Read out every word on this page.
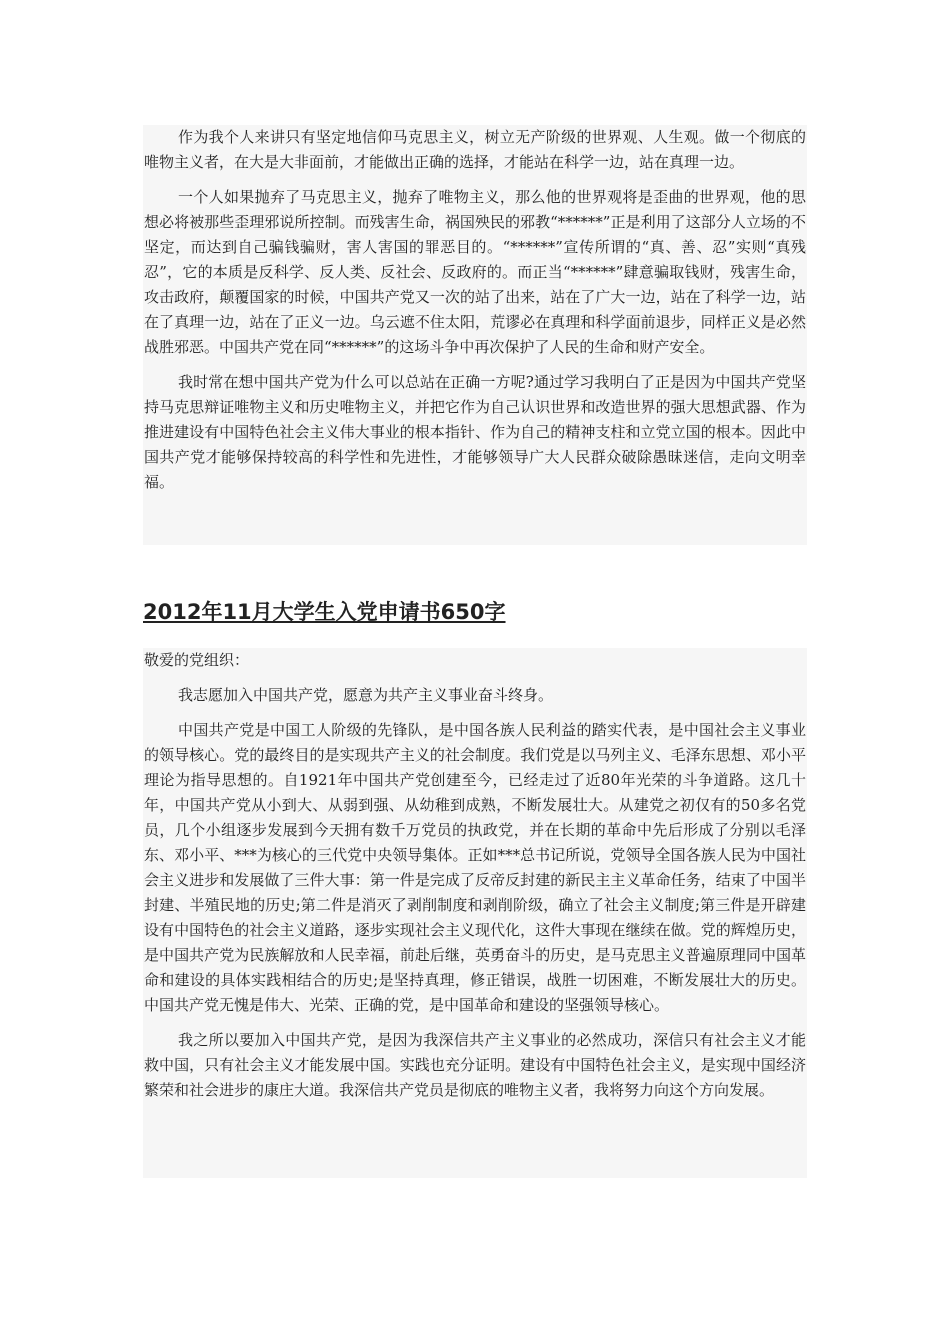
作为我个人来讲只有坚定地信仰马克思主义，树立无产阶级的世界观、人生观。做一个彻底的唯物主义者，在大是大非面前，才能做出正确的选择，才能站在科学一边，站在真理一边。

一个人如果抛弃了马克思主义，抛弃了唯物主义，那么他的世界观将是歪曲的世界观，他的思想必将被那些歪理邪说所控制。而残害生命，祸国殃民的邪教“******”正是利用了这部分人立场的不坚定，而达到自己骗钱骗财，害人害国的罪恶目的。“******”宣传所谓的“真、善、忍”实则“真残忍”，它的本质是反科学、反人类、反社会、反政府的。而正当“******”肆意骗取钱财，残害生命，攻击政府，颠覆国家的时候，中国共产党又一次的站了出来，站在了广大一边，站在了科学一边，站在了真理一边，站在了正义一边。乌云遮不住太阳，荒谬必在真理和科学面前退步，同样正义是必然战胜邪恶。中国共产党在同“******”的这场斗争中再次保护了人民的生命和财产安全。

我时常在想中国共产党为什么可以总站在正确一方呢?通过学习我明白了正是因为中国共产党坚持马克思辩证唯物主义和历史唯物主义，并把它作为自己认识世界和改造世界的强大思想武器、作为推进建设有中国特色社会主义伟大事业的根本指针、作为自己的精神支柱和立党立国的根本。因此中国共产党才能够保持较高的科学性和先进性，才能够领导广大人民群众破除愚昧迷信，走向文明幸福。

2012年11月大学生入党申请书650字

敬爱的党组织：

我志愿加入中国共产党，愿意为共产主义事业奋斗终身。

中国共产党是中国工人阶级的先锋队，是中国各族人民利益的踏实代表，是中国社会主义事业的领导核心。党的最终目的是实现共产主义的社会制度。我们党是以马列主义、毛泽东思想、邓小平理论为指导思想的。自1921年中国共产党创建至今，已经走过了近80年光荣的斗争道路。这几十年，中国共产党从小到大、从弱到强、从幼稚到成熟，不断发展壮大。从建党之初仅有的50多名党员，几个小组逐步发展到今天拥有数千万党员的执政党，并在长期的革命中先后形成了分别以毛泽东、邓小平、***为核心的三代党中央领导集体。正如***总书记所说，党领导全国各族人民为中国社会主义进步和发展做了三件大事：第一件是完成了反帝反封建的新民主主义革命任务，结束了中国半封建、半殖民地的历史;第二件是消灭了剥削制度和剥削阶级，确立了社会主义制度;第三件是开辟建设有中国特色的社会主义道路，逐步实现社会主义现代化，这件大事现在继续在做。党的辉煌历史，是中国共产党为民族解放和人民幸福，前赴后继，英勇奋斗的历史，是马克思主义普遍原理同中国革命和建设的具体实践相结合的历史;是坚持真理，修正错误，战胜一切困难，不断发展壮大的历史。中国共产党无愧是伟大、光荣、正确的党，是中国革命和建设的坚强领导核心。

我之所以要加入中国共产党，是因为我深信共产主义事业的必然成功，深信只有社会主义才能救中国，只有社会主义才能发展中国。实践也充分证明。建设有中国特色社会主义，是实现中国经济繁荣和社会进步的康庄大道。我深信共产党员是彻底的唯物主义者，我将努力向这个方向发展。
